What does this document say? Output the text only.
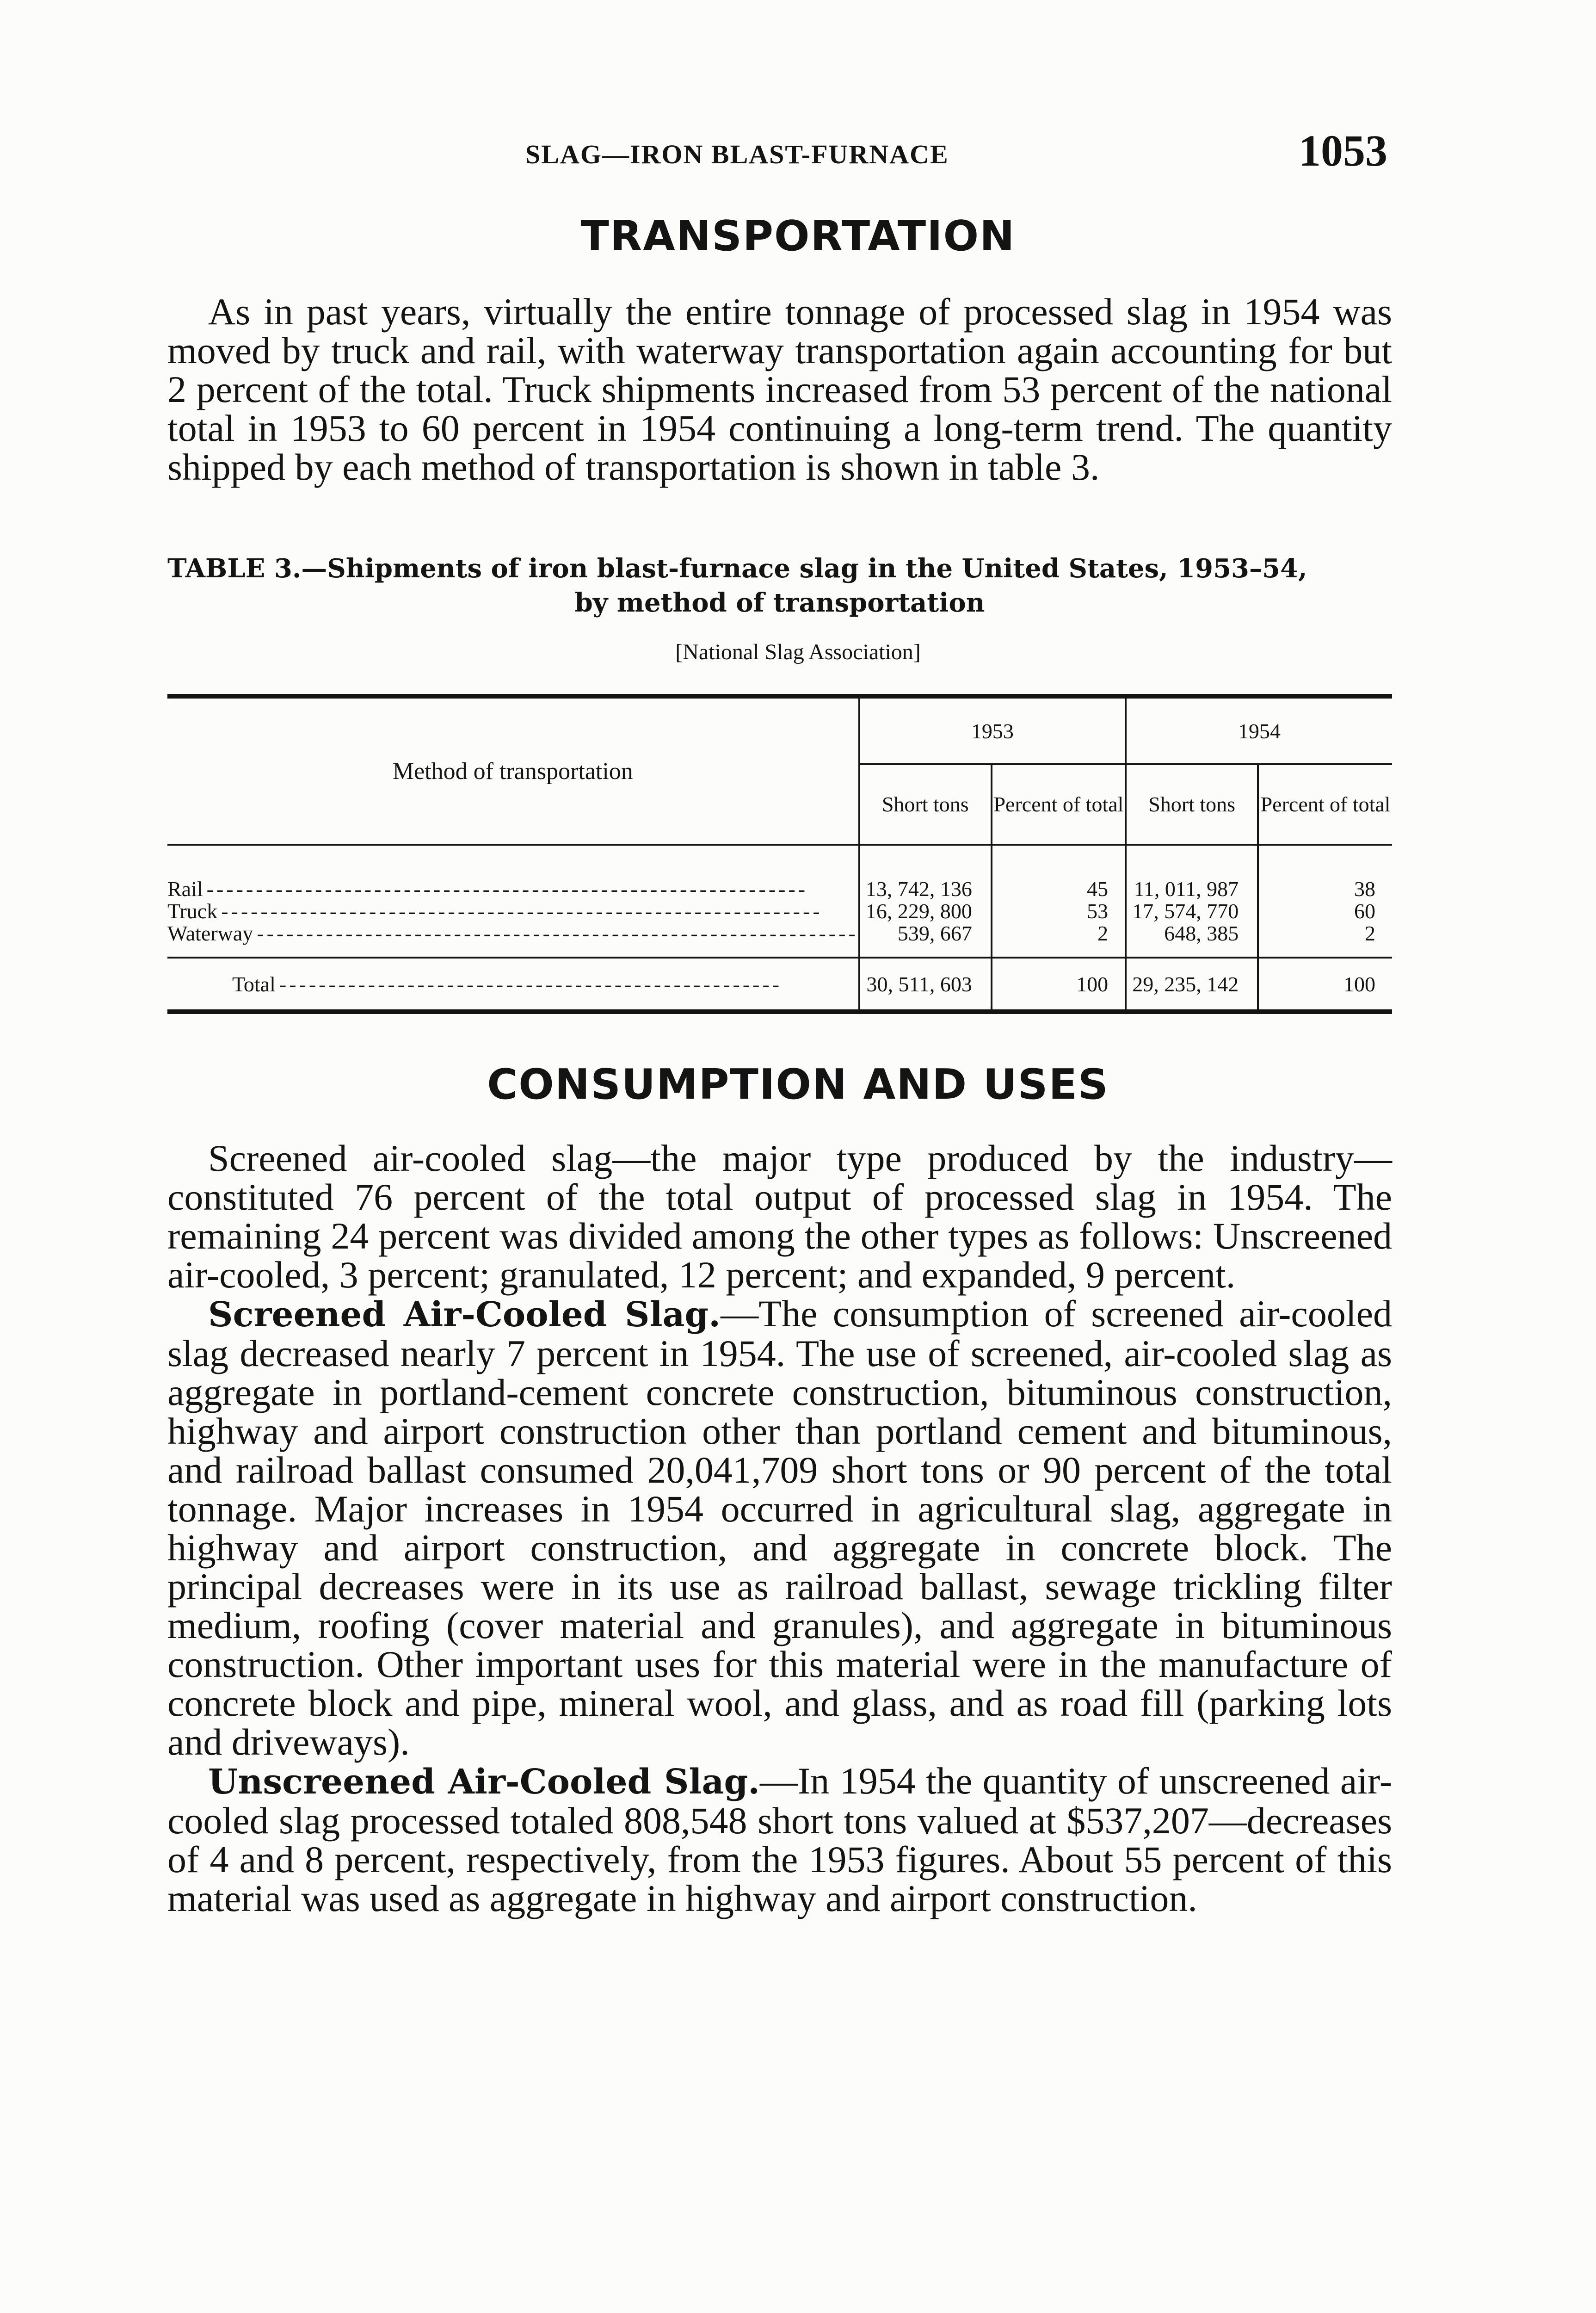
SLAG—IRON BLAST-FURNACE	1053
TRANSPORTATION

As in past years, virtually the entire tonnage of processed slag in 1954 was moved by truck and rail, with waterway transportation again accounting for but 2 percent of the total. Truck shipments increased from 53 percent of the national total in 1953 to 60 percent in 1954 continuing a long-term trend. The quantity shipped by each method of transportation is shown in table 3.

TABLE 3.—Shipments of iron blast-furnace slag in the United States, 1953–54,
by method of transportation
[National Slag Association]
Method of transportation	1953		1954	
	Short tons	Percent of total	Short tons	Percent of total

Rail -------------------------------------------------------------	13, 742, 136	45	11, 011, 987	38
Truck -------------------------------------------------------------	16, 229, 800	53	17, 574, 770	60
Waterway -------------------------------------------------------------	539, 667	2	648, 385	2

Total ---------------------------------------------------	30, 511, 603	100	29, 235, 142	100
CONSUMPTION AND USES

Screened air-cooled slag—the major type produced by the industry—constituted 76 percent of the total output of processed slag in 1954. The remaining 24 percent was divided among the other types as follows: Unscreened air-cooled, 3 percent; granulated, 12 percent; and expanded, 9 percent.

Screened Air-Cooled Slag.—The consumption of screened air-cooled slag decreased nearly 7 percent in 1954. The use of screened, air-cooled slag as aggregate in portland-cement concrete construction, bituminous construction, highway and airport construction other than portland cement and bituminous, and railroad ballast consumed 20,041,709 short tons or 90 percent of the total tonnage. Major increases in 1954 occurred in agricultural slag, aggregate in highway and airport construction, and aggregate in concrete block. The principal decreases were in its use as railroad ballast, sewage trickling filter medium, roofing (cover material and granules), and aggregate in bituminous construction. Other important uses for this material were in the manufacture of concrete block and pipe, mineral wool, and glass, and as road fill (parking lots and driveways).

Unscreened Air-Cooled Slag.—In 1954 the quantity of unscreened air-cooled slag processed totaled 808,548 short tons valued at $537,207—decreases of 4 and 8 percent, respectively, from the 1953 figures. About 55 percent of this material was used as aggregate in highway and airport construction.
